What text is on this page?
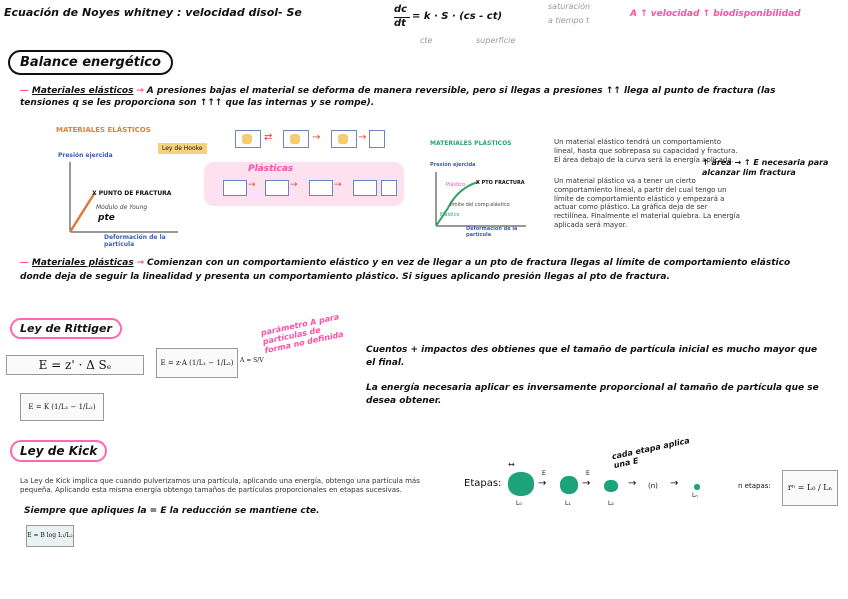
Ecuación de Noyes whitney : velocidad disol- Se	dc
dt
= k · S · (cs - ct)
saturación
a tiempo t
cte	superficie
A ↑ velocidad ↑ biodisponibilidad
Balance energético
— Materiales elásticos → A presiones bajas el material se deforma de manera reversible, pero si llegas a presiones ↑↑ llega al punto de fractura (las tensiones q se les proporciona son ↑↑↑ que las internas y se rompe).
MATERIALES ELÁSTICOS
Presión ejercida
X PUNTO DE FRACTURA
Módulo de Young
pte
Deformación de la partícula
Ley de Hooke
⇄	→	→
Plásticas
→	→	→
MATERIALES PLÁSTICOS
Presión ejercida
X PTO FRACTURA
Plástico
límite del comp.elástico
Elástico
Deformación de la partícula
Un material elástico tendrá un comportamiento lineal, hasta que sobrepasa su capacidad y fractura. El área debajo de la curva será la energía aplicada.
Un material plástico va a tener un cierto comportamiento lineal, a partir del cual tengo un límite de comportamiento elástico y empezará a actuar como plástico. La gráfica deja de ser rectilínea. Finalmente el material quiebra. La energía aplicada será mayor.
↑ área → ↑ E necesaria para alcanzar lim fractura
— Materiales plásticas → Comienzan con un comportamiento elástico y en vez de llegar a un pto de fractura llegas al límite de comportamiento elástico donde deja de seguir la linealidad y presenta un comportamiento plástico. Si sigues aplicando presión llegas al pto de fractura.
Ley de Rittiger
E = z' · Δ Sₑ	E = z·A (1/L₁ − 1/L₂)	A = S/V
E = K (1/L₁ − 1/L₂)
parámetro A para partículas de forma no definida Cuentos + impactos des obtienes que el tamaño de partícula inicial es mucho mayor que el final.
La energía necesaria aplicar es inversamente proporcional al tamaño de partícula que se desea obtener.
Ley de Kick
La Ley de Kick implica que cuando pulverizamos una partícula, aplicando una energía, obtengo una partícula más pequeña. Aplicando esta misma energía obtengo tamaños de partículas proporcionales en etapas sucesivas.
Siempre que apliques la = E la reducción se mantiene cte.
E = B log L₁/L₂
Etapas:
↔
L₀
→
E
L₁
→
E
L₂
→ (n) →
Lₙ
n etapas:	rⁿ = L₀ / Lₙ
cada etapa aplica una E
